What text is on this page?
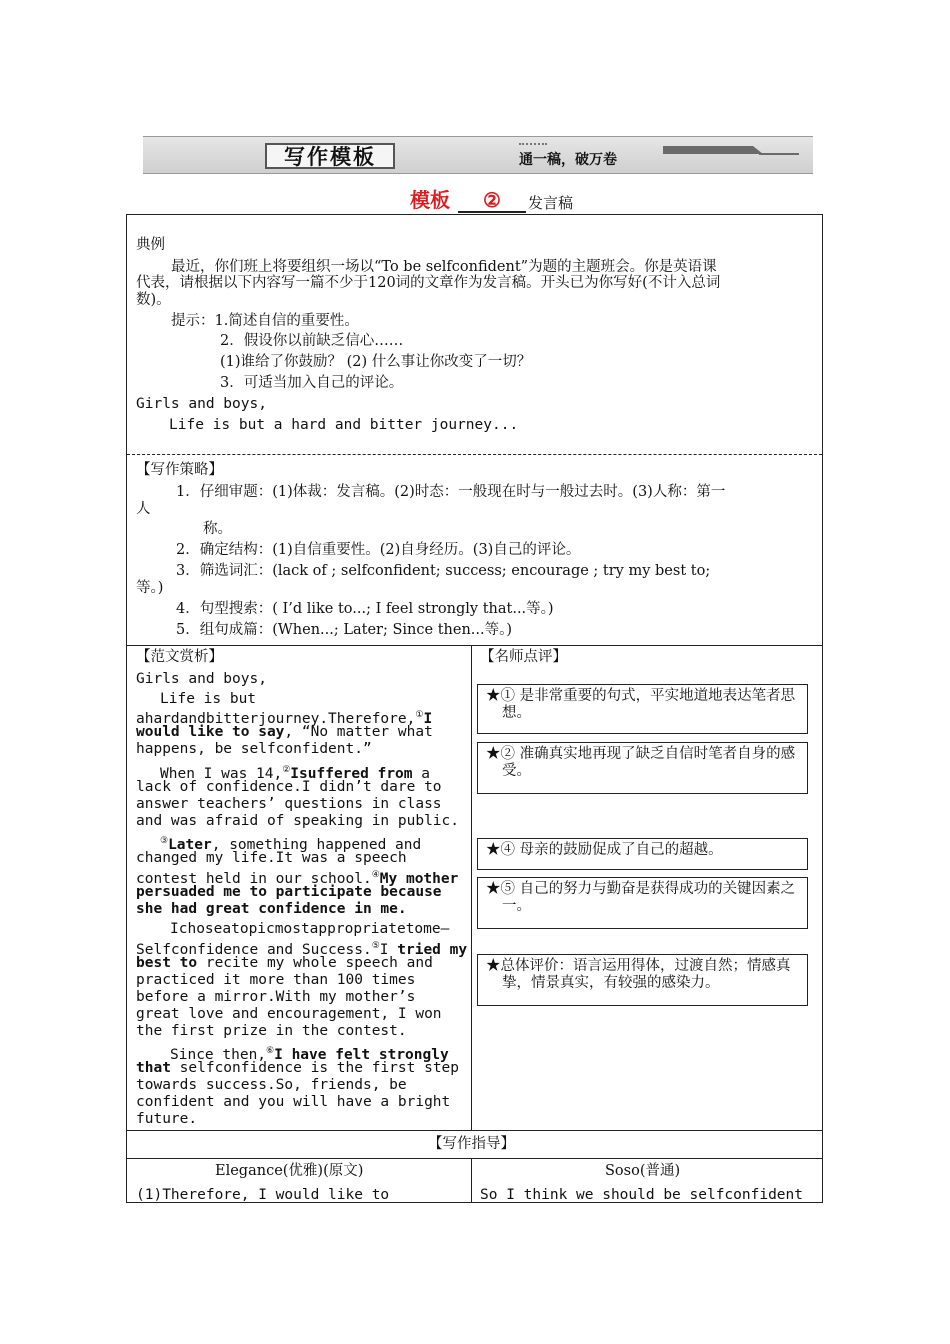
写作模板	通一稿，破万卷
模板	②	发言稿
典例
最近，你们班上将要组织一场以“To be selfconfident”为题的主题班会。你是英语课
代表，请根据以下内容写一篇不少于120词的文章作为发言稿。开头已为你写好(不计入总词
数)。
提示：1.简述自信的重要性。
2．假设你以前缺乏信心……
(1)谁给了你鼓励？ (2) 什么事让你改变了一切？
3．可适当加入自己的评论。
Girls and boys,
Life is but a hard and bitter journey...
【写作策略】
1．仔细审题：(1)体裁：发言稿。(2)时态：一般现在时与一般过去时。(3)人称：第一
人
称。
2．确定结构：(1)自信重要性。(2)自身经历。(3)自己的评论。
3．筛选词汇：(lack of ; selfconfident; success; encourage ; try my best to;
等。)
4．句型搜索：( I’d like to...; I feel strongly that...等。)
5．组句成篇：(When...; Later; Since then...等。)
【范文赏析】
Girls and boys,
Life is but
ahardandbitterjourney.Therefore,①I
would like to say, “No matter what
happens, be selfconfident.”
When I was 14,②Isuffered from a
lack of confidence.I didn’t dare to
answer teachers’ questions in class
and was afraid of speaking in public.
③Later, something happened and
changed my life.It was a speech
contest held in our school.④My mother
persuaded me to participate because
she had great confidence in me.
Ichoseatopicmostappropriatetome—
Selfconfidence and Success.⑤I tried my
best to recite my whole speech and
practiced it more than 100 times
before a mirror.With my mother’s
great love and encouragement, I won
the first prize in the contest.
Since then,⑥I have felt strongly
that selfconfidence is the first step
towards success.So, friends, be
confident and you will have a bright
future.
【名师点评】
★① 是非常重要的句式，平实地道地表达笔者思想。
★② 准确真实地再现了缺乏自信时笔者自身的感受。
★④ 母亲的鼓励促成了自己的超越。
★⑤ 自己的努力与勤奋是获得成功的关键因素之一。
★总体评价：语言运用得体，过渡自然；情感真挚，情景真实，有较强的感染力。
【写作指导】
Elegance(优雅)(原文)	Soso(普通)
(1)Therefore, I would like to	So I think we should be selfconfident
